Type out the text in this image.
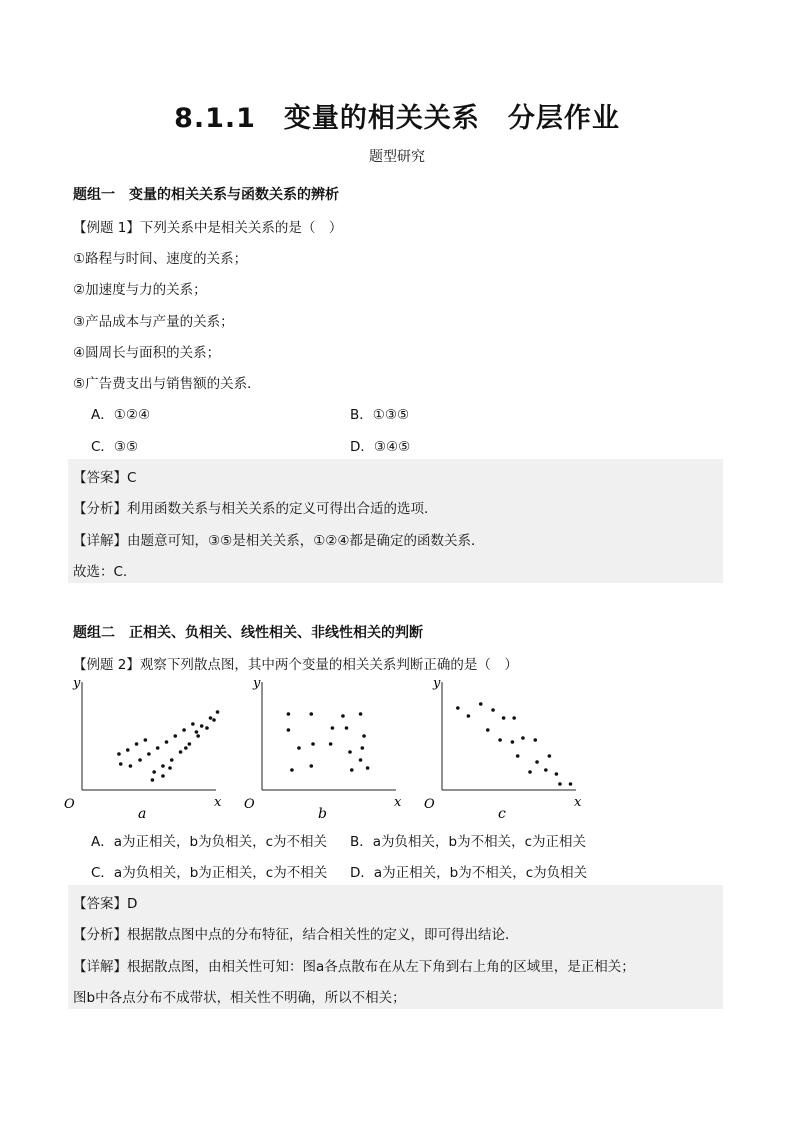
8.1.1　变量的相关关系　分层作业
题型研究
题组一　变量的相关关系与函数关系的辨析
【例题 1】下列关系中是相关关系的是（　）
①路程与时间、速度的关系；
②加速度与力的关系；
③产品成本与产量的关系；
④圆周长与面积的关系；
⑤广告费支出与销售额的关系．
A．①②④	B．①③⑤
C．③⑤	D．③④⑤
【答案】C
【分析】利用函数关系与相关关系的定义可得出合适的选项.
【详解】由题意可知，③⑤是相关关系，①②④都是确定的函数关系．
故选：C.
题组二　正相关、负相关、线性相关、非线性相关的判断
【例题 2】观察下列散点图，其中两个变量的相关关系判断正确的是（　）
y
x
O
a
y
x
O
b
y
x
O
c
A．a为正相关，b为负相关，c为不相关 B．a为负相关，b为不相关，c为正相关
C．a为负相关，b为正相关，c为不相关 D．a为正相关，b为不相关，c为负相关
【答案】D
【分析】根据散点图中点的分布特征，结合相关性的定义，即可得出结论．
【详解】根据散点图，由相关性可知：图a各点散布在从左下角到右上角的区域里，是正相关；
图b中各点分布不成带状，相关性不明确，所以不相关；
